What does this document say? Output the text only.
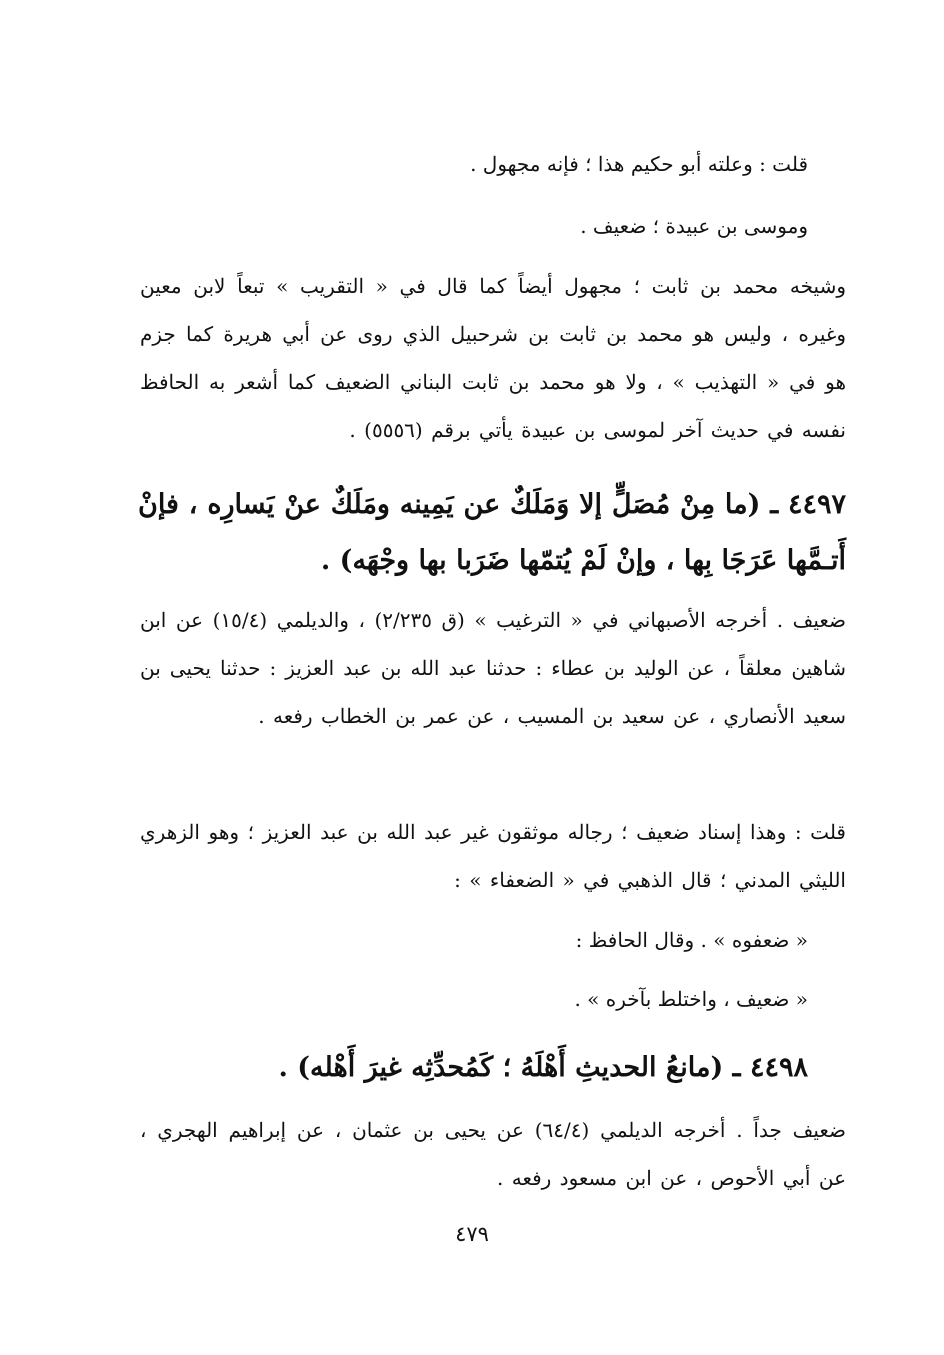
قلت : وعلته أبو حكيم هذا ؛ فإنه مجهول .
وموسى بن عبيدة ؛ ضعيف .
وشيخه محمد بن ثابت ؛ مجهول أيضاً كما قال في « التقريب » تبعاً لابن معين وغيره ، وليس هو محمد بن ثابت بن شرحبيل الذي روى عن أبي هريرة كما جزم هو في « التهذيب » ، ولا هو محمد بن ثابت البناني الضعيف كما أشعر به الحافظ نفسه في حديث آخر لموسى بن عبيدة يأتي برقم (٥٥٥٦) .
٤٤٩٧ ـ (ما مِنْ مُصَلٍّ إلا وَمَلَكٌ عن يَمِينه ومَلَكٌ عنْ يَسارِه ، فإنْ أَتـمَّها عَرَجَا بِها ، وإنْ لَمْ يُتمّها ضَرَبا بها وجْهَه) .
ضعيف . أخرجه الأصبهاني في « الترغيب » (ق ٢/٢٣٥) ، والديلمي (١٥/٤) عن ابن شاهين معلقاً ، عن الوليد بن عطاء : حدثنا عبد الله بن عبد العزيز : حدثنا يحيى بن سعيد الأنصاري ، عن سعيد بن المسيب ، عن عمر بن الخطاب رفعه .
قلت : وهذا إسناد ضعيف ؛ رجاله موثقون غير عبد الله بن عبد العزيز ؛ وهو الزهري الليثي المدني ؛ قال الذهبي في « الضعفاء » :
« ضعفوه » . وقال الحافظ :
« ضعيف ، واختلط بآخره » .
٤٤٩٨ ـ (مانعُ الحديثِ أَهْلَهُ ؛ كَمُحدِّثِه غيرَ أَهْله) .
ضعيف جداً . أخرجه الديلمي (٦٤/٤) عن يحيى بن عثمان ، عن إبراهيم الهجري ، عن أبي الأحوص ، عن ابن مسعود رفعه .
٤٧٩
